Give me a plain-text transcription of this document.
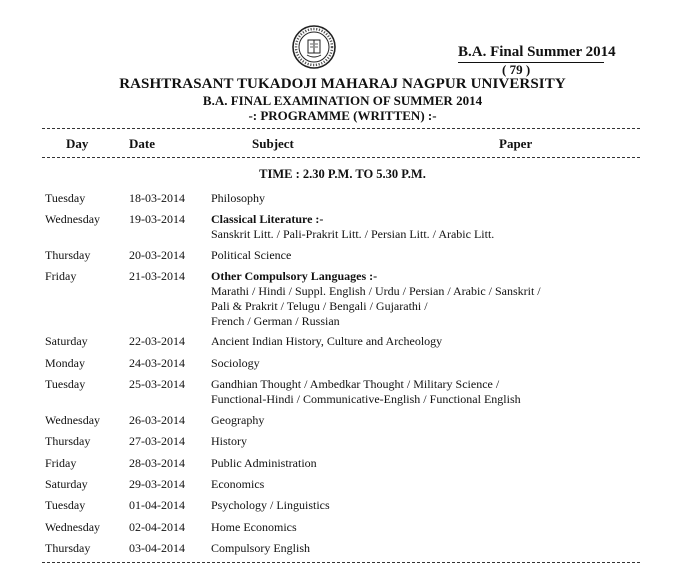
B.A. Final Summer 2014
( 79 )
RASHTRASANT TUKADOJI MAHARAJ NAGPUR UNIVERSITY
B.A. FINAL EXAMINATION OF SUMMER 2014
-: PROGRAMME (WRITTEN) :-
Day	Date	Subject	Paper
TIME : 2.30 P.M. TO 5.30 P.M.
Tuesday	18-03-2014 Philosophy
Wednesday 19-03-2014 Classical Literature :-
Sanskrit Litt. / Pali-Prakrit Litt. / Persian Litt. / Arabic Litt.
Thursday	20-03-2014 Political Science
Friday	21-03-2014 Other Compulsory Languages :-
Marathi / Hindi / Suppl. English / Urdu / Persian / Arabic / Sanskrit /
Pali & Prakrit / Telugu / Bengali / Gujarathi /
French / German / Russian
Saturday	22-03-2014 Ancient Indian History, Culture and Archeology
Monday	24-03-2014 Sociology
Tuesday	25-03-2014 Gandhian Thought / Ambedkar Thought / Military Science /
Functional-Hindi / Communicative-English / Functional English
Wednesday 26-03-2014 Geography
Thursday	27-03-2014 History
Friday	28-03-2014 Public Administration
Saturday	29-03-2014 Economics
Tuesday	01-04-2014 Psychology / Linguistics
Wednesday 02-04-2014 Home Economics
Thursday	03-04-2014 Compulsory English
